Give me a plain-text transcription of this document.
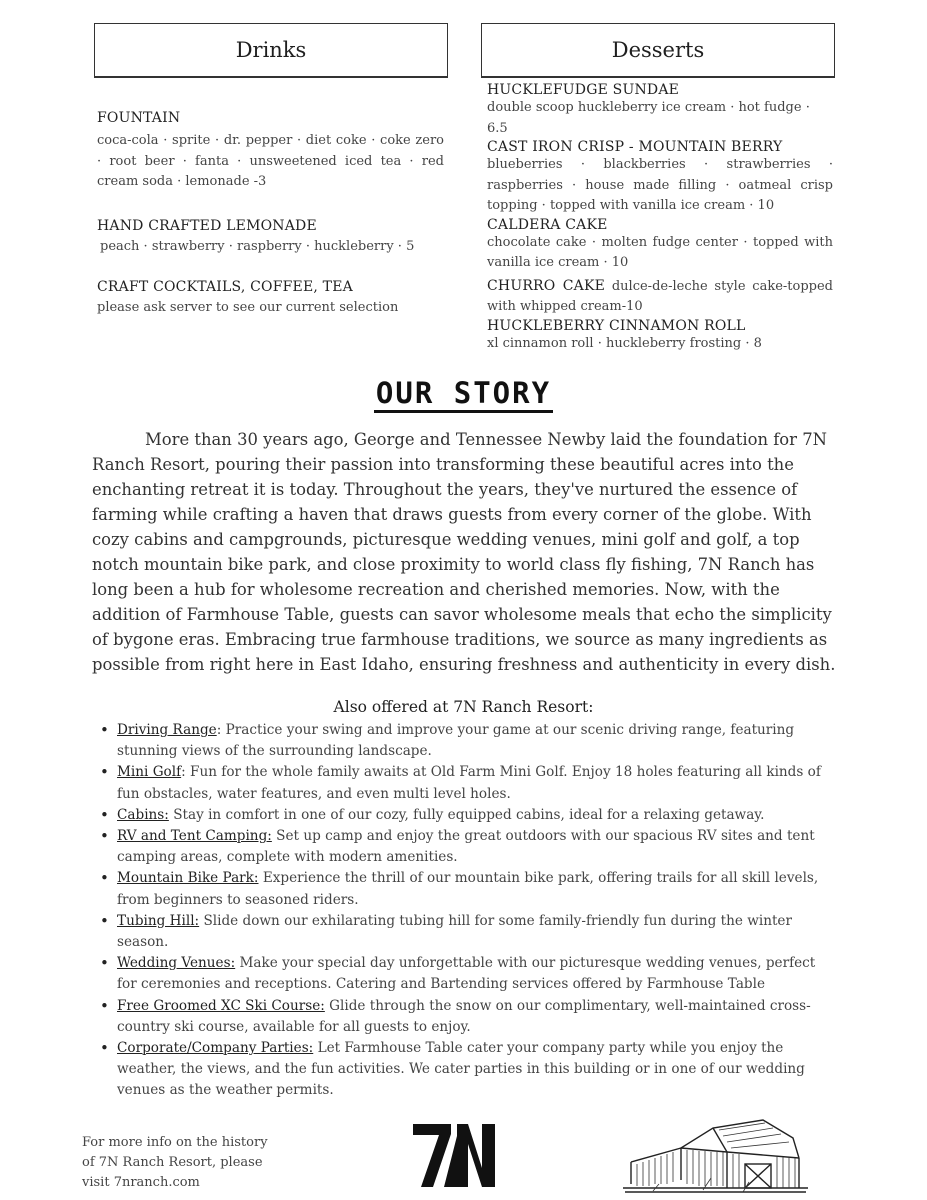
Drinks
FOUNTAIN
coca-cola · sprite · dr. pepper · diet coke · coke zero · root beer · fanta · unsweetened iced tea · red cream soda · lemonade -3
HAND CRAFTED LEMONADE
peach · strawberry · raspberry · huckleberry · 5
CRAFT COCKTAILS, COFFEE, TEA
please ask server to see our current selection
Desserts
HUCKLEFUDGE SUNDAE
double scoop huckleberry ice cream · hot fudge · 6.5
CAST IRON CRISP - MOUNTAIN BERRY
blueberries · blackberries · strawberries · raspberries · house made filling · oatmeal crisp topping · topped with vanilla ice cream · 10
CALDERA CAKE
chocolate cake · molten fudge center · topped with vanilla ice cream · 10
CHURRO CAKE dulce-de-leche style cake-topped with whipped cream-10
HUCKLEBERRY CINNAMON ROLL
xl cinnamon roll · huckleberry frosting · 8
OUR STORY

More than 30 years ago, George and Tennessee Newby laid the foundation for 7N Ranch Resort, pouring their passion into transforming these beautiful acres into the enchanting retreat it is today. Throughout the years, they've nurtured the essence of farming while crafting a haven that draws guests from every corner of the globe. With cozy cabins and campgrounds, picturesque wedding venues, mini golf and golf, a top notch mountain bike park, and close proximity to world class fly fishing, 7N Ranch has long been a hub for wholesome recreation and cherished memories. Now, with the addition of Farmhouse Table, guests can savor wholesome meals that echo the simplicity of bygone eras. Embracing true farmhouse traditions, we source as many ingredients as possible from right here in East Idaho, ensuring freshness and authenticity in every dish.

Also offered at 7N Ranch Resort:
• Driving Range: Practice your swing and improve your game at our scenic driving range, featuring stunning views of the surrounding landscape.
• Mini Golf: Fun for the whole family awaits at Old Farm Mini Golf. Enjoy 18 holes featuring all kinds of fun obstacles, water features, and even multi level holes.
• Cabins: Stay in comfort in one of our cozy, fully equipped cabins, ideal for a relaxing getaway.
• RV and Tent Camping: Set up camp and enjoy the great outdoors with our spacious RV sites and tent camping areas, complete with modern amenities.
• Mountain Bike Park: Experience the thrill of our mountain bike park, offering trails for all skill levels, from beginners to seasoned riders.
• Tubing Hill: Slide down our exhilarating tubing hill for some family-friendly fun during the winter season.
• Wedding Venues: Make your special day unforgettable with our picturesque wedding venues, perfect for ceremonies and receptions. Catering and Bartending services offered by Farmhouse Table
• Free Groomed XC Ski Course: Glide through the snow on our complimentary, well-maintained cross-country ski course, available for all guests to enjoy.
• Corporate/Company Parties: Let Farmhouse Table cater your company party while you enjoy the weather, the views, and the fun activities. We cater parties in this building or in one of our wedding venues as the weather permits.
For more info on the history
of 7N Ranch Resort, please
visit 7nranch.com
